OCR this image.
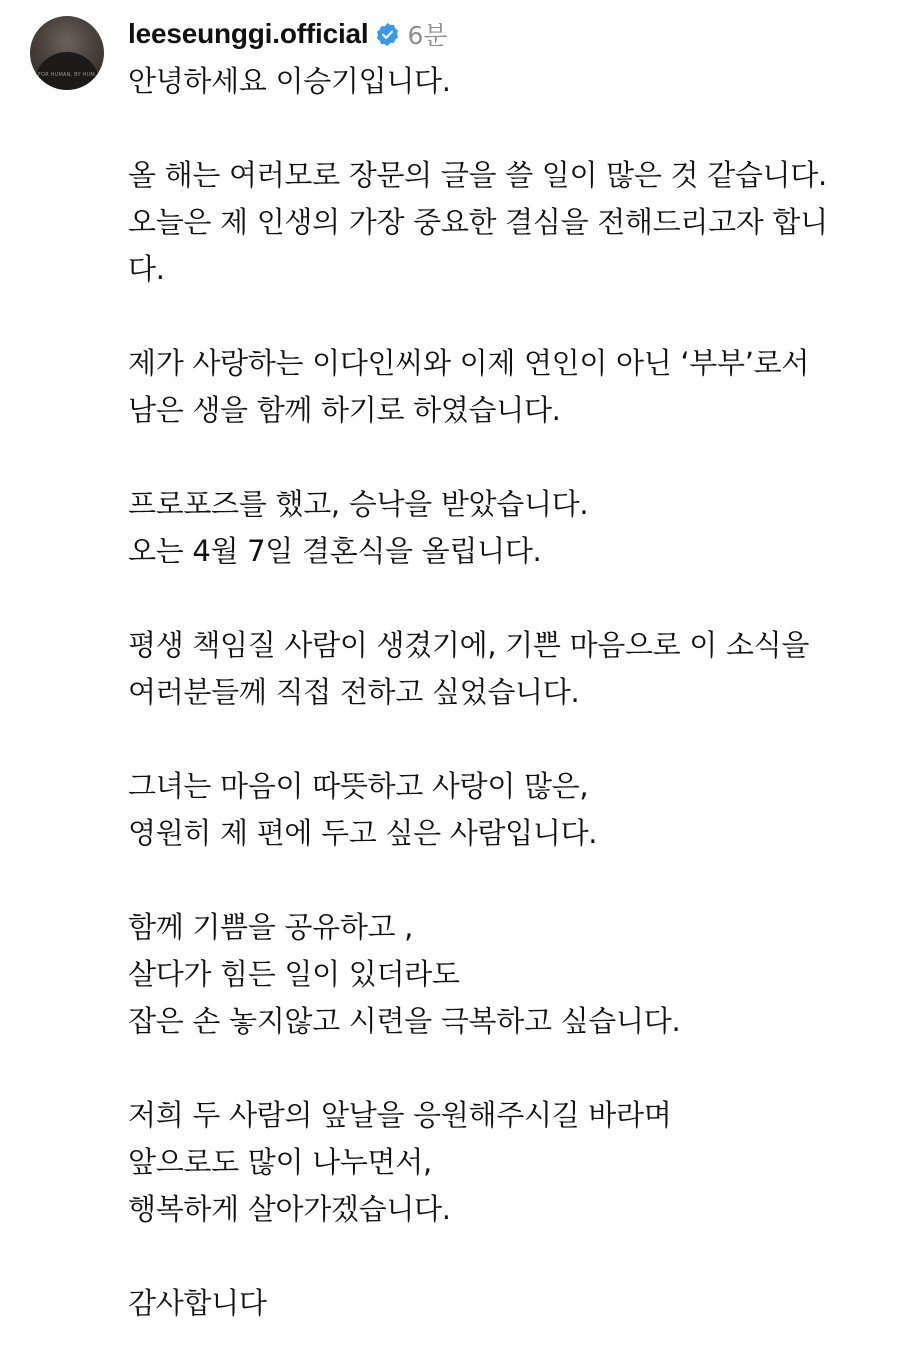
FOR HUMAN, BY HUM...
leeseunggi.official 6분
안녕하세요 이승기입니다.
올 해는 여러모로 장문의 글을 쓸 일이 많은 것 같습니다.
오늘은 제 인생의 가장 중요한 결심을 전해드리고자 합니
다.
제가 사랑하는 이다인씨와 이제 연인이 아닌 ‘부부’로서
남은 생을 함께 하기로 하였습니다.
프로포즈를 했고, 승낙을 받았습니다.
오는 4월 7일 결혼식을 올립니다.
평생 책임질 사람이 생겼기에, 기쁜 마음으로 이 소식을
여러분들께 직접 전하고 싶었습니다.
그녀는 마음이 따뜻하고 사랑이 많은,
영원히 제 편에 두고 싶은 사람입니다.
함께 기쁨을 공유하고 ,
살다가 힘든 일이 있더라도
잡은 손 놓지않고 시련을 극복하고 싶습니다.
저희 두 사람의 앞날을 응원해주시길 바라며
앞으로도 많이 나누면서,
행복하게 살아가겠습니다.
감사합니다
